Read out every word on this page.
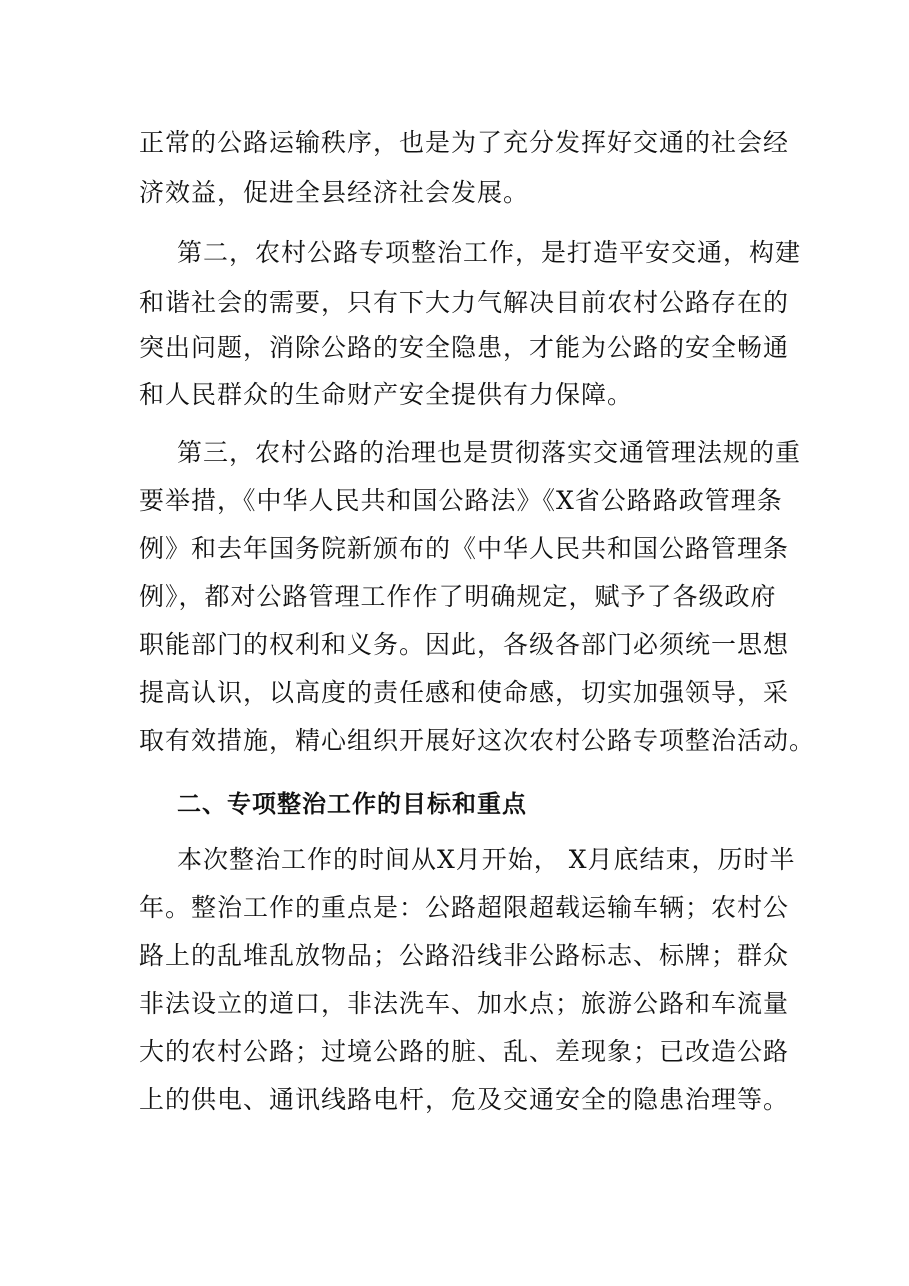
正常的公路运输秩序，也是为了充分发挥好交通的社会经
济效益，促进全县经济社会发展。
第二，农村公路专项整治工作，是打造平安交通，构建
和谐社会的需要，只有下大力气解决目前农村公路存在的
突出问题，消除公路的安全隐患，才能为公路的安全畅通
和人民群众的生命财产安全提供有力保障。
第三，农村公路的治理也是贯彻落实交通管理法规的重
要举措，《中华人民共和国公路法》《X省公路路政管理条
例》和去年国务院新颁布的《中华人民共和国公路管理条
例》，都对公路管理工作作了明确规定，赋予了各级政府
职能部门的权利和义务。因此，各级各部门必须统一思想
提高认识，以高度的责任感和使命感，切实加强领导，采
取有效措施，精心组织开展好这次农村公路专项整治活动。
二、专项整治工作的目标和重点
本次整治工作的时间从X月开始， X月底结束，历时半
年。整治工作的重点是：公路超限超载运输车辆；农村公
路上的乱堆乱放物品；公路沿线非公路标志、标牌；群众
非法设立的道口，非法洗车、加水点；旅游公路和车流量
大的农村公路；过境公路的脏、乱、差现象；已改造公路
上的供电、通讯线路电杆，危及交通安全的隐患治理等。
